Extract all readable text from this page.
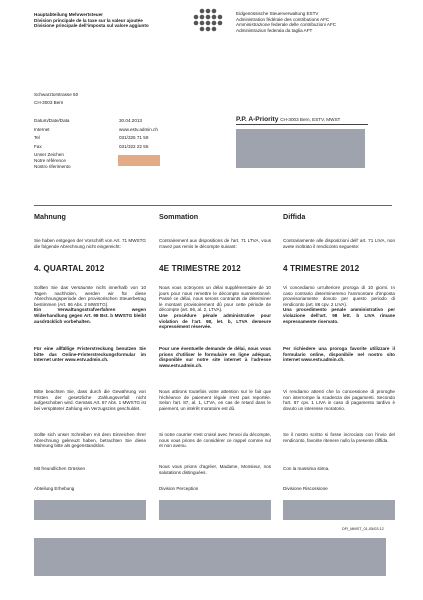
Hauptabteilung Mehrwertsteuer
Division principale de la taxe sur la valeur ajoutée
Divisione principale dell'imposta sul valore aggiunto
Eidgenössische Steuerverwaltung ESTV
Administration fédérale des contributions AFC
Amministrazione federale delle contribuzioni AFC
Administraziun federala da taglia AFT
Schwarztorstrasse 50
CH-3003 Bern
Datum/Date/Data
Internet
Tel
Fax
Unser Zeichen
Notre référence
Nostro riferimento
30.04.2013
www.estv.admin.ch
031/325 71 59
031/322 22 55
P.P. A-Priority CH-3003 Bern, ESTV, MWST
Mahnung

Sie haben entgegen der Vorschrift von Art. 71 MWSTG die folgende Abrechnung nicht eingereicht:

4. QUARTAL 2012

Sollten Sie das Versäumte nicht innerhalb von 10 Tagen nachholen, werden wir für diese Abrechnungsperiode den provisorischen Steuerbetrag bestimmen (Art. 86 Abs. 2 MWSTG).

Ein Verwaltungsstrafverfahren wegen Widerhandlung gegen Art. 98 Bst. b MWSTG bleibt ausdrücklich vorbehalten.

Für eine allfällige Fristerstreckung benutzen Sie bitte das Online-Fristerstreckungsformular im Internet unter www.estv.admin.ch.

Bitte beachten Sie, dass durch die Gewährung von Fristen der gesetzliche Zahlungsverfall nicht aufgeschoben wird. Gemäss Art. 87 Abs. 1 MWSTG ist bei verspäteter Zahlung ein Verzugszins geschuldet.

Sollte sich unser Schreiben mit dem Einreichen Ihrer Abrechnung gekreuzt haben, betrachten Sie diese Mahnung bitte als gegenstandslos.

Mit freundlichen Grüssen
Abteilung Erhebung
Sommation

Contrairement aux dispositions de l'art. 71 LTVA, vous n'avez pas remis le décompte suivant:

4E TRIMESTRE 2012

Nous vous octroyons un délai supplémentaire de 10 jours pour nous remettre le décompte susmentionné. Passé ce délai, nous serons contraints de déterminer le montant provisoirement dû pour cette période de décompte (art. 86, al. 2, LTVA).

Une procédure pénale administrative pour violation de l'art. 98, let. b, LTVA demeure expressément réservée.

Pour une éventuelle demande de délai, nous vous prions d'utiliser le formulaire en ligne adéquat, disponible sur notre site internet à l'adresse www.estv.admin.ch.

Nous attirons toutefois votre attention sur le fait que l'échéance de paiement légale n'est pas reportée. Selon l'art. 87, al. 1, LTVA, en cas de retard dans le paiement, un intérêt moratoire est dû.

Si notre courrier s'est croisé avec l'envoi du décompte, nous vous prions de considérer ce rappel comme nul et non avenu.

Nous vous prions d'agréer, Madame, Monsieur, nos salutations distinguées.

Division Perception
Diffida

Contrariamente alle disposizioni dell' art. 71 LIVA, non avete inoltrato il rendiconto seguente:

4 TRIMESTRE 2012

Vi concediamo un'ulteriore proroga di 10 giorni. In caso contrario determineremo l'ammontare d'imposta provvisoriamente dovuto per questo periodo di rendiconto (art. 86 cpv. 2 LIVA).

Una procedimento penale amministrativo per violazione dell'art. 98 lett. b LIVA rimane espressamente riservato.

Per richiedere una proroga favorite utilizzare il formulario online, disponibile nel nostro sito internet www.estv.admin.ch.

Vi rendiamo attenti che la concessione di proroghe non interrompe la scadenza dei pagamenti. Secondo l'art. 87 cpv. 1 LIVA in caso di pagamento tardivo è dovuto un interesse moratorio.

Se il nostro scritto si fosse incrociato con l'invio del rendiconto, favorite ritenere nullo la presente diffida.

Con la massima stima.
Divisione Riscossione
DFI_MMST_01-05/03.12
